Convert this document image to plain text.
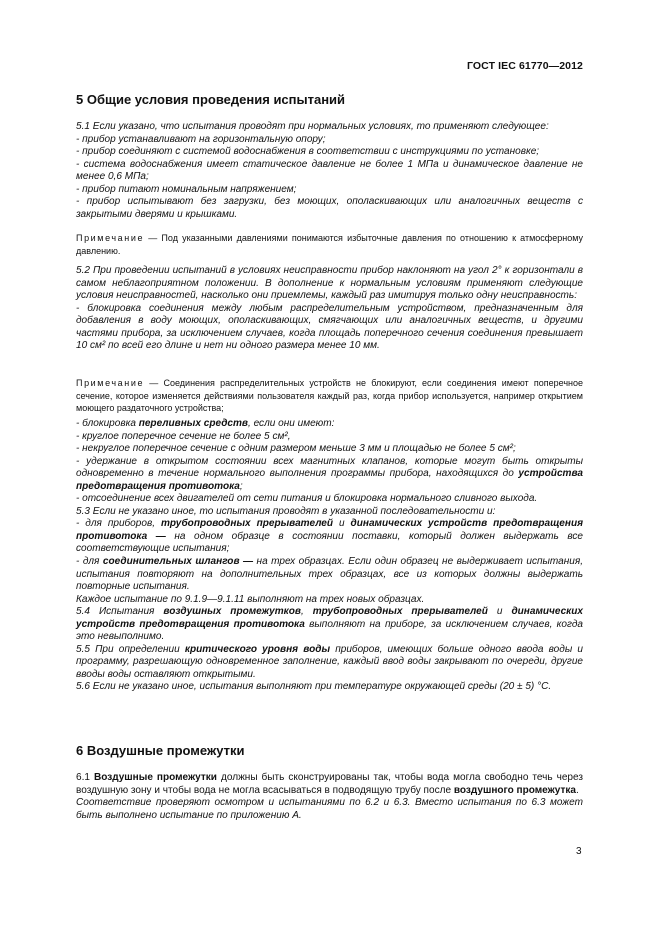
ГОСТ IEC 61770—2012
5 Общие условия проведения испытаний

5.1 Если указано, что испытания проводят при нормальных условиях, то применяют следующее:

- прибор устанавливают на горизонтальную опору;

- прибор соединяют с системой водоснабжения в соответствии с инструкциями по установке;

- система водоснабжения имеет статическое давление не более 1 МПа и динамическое давление не менее 0,6 МПа;

- прибор питают номинальным напряжением;

- прибор испытывают без загрузки, без моющих, ополаскивающих или аналогичных веществ с закрытыми дверями и крышками.

Примечание — Под указанными давлениями понимаются избыточные давления по отношению к атмосферному давлению.

5.2 При проведении испытаний в условиях неисправности прибор наклоняют на угол 2° к горизонтали в самом неблагоприятном положении. В дополнение к нормальным условиям применяют следующие условия неисправностей, насколько они приемлемы, каждый раз имитируя только одну неисправность:

- блокировка соединения между любым распределительным устройством, предназначенным для добавления в воду моющих, ополаскивающих, смягчающих или аналогичных веществ, и другими частями прибора, за исключением случаев, когда площадь поперечного сечения соединения превышает 10 см² по всей его длине и нет ни одного размера менее 10 мм.

Примечание — Соединения распределительных устройств не блокируют, если соединения имеют поперечное сечение, которое изменяется действиями пользователя каждый раз, когда прибор используется, например открытием моющего раздаточного устройства;

- блокировка переливных средств, если они имеют:

- круглое поперечное сечение не более 5 см²,

- некруглое поперечное сечение с одним размером меньше 3 мм и площадью не более 5 см²;

- удержание в открытом состоянии всех магнитных клапанов, которые могут быть открыты одновременно в течение нормального выполнения программы прибора, находящихся до устройства предотвращения противотока;

- отсоединение всех двигателей от сети питания и блокировка нормального сливного выхода.

5.3 Если не указано иное, то испытания проводят в указанной последовательности и:

- для приборов, трубопроводных прерывателей и динамических устройств предотвращения противотока — на одном образце в состоянии поставки, который должен выдержать все соответствующие испытания;

- для соединительных шлангов — на трех образцах. Если один образец не выдерживает испытания, испытания повторяют на дополнительных трех образцах, все из которых должны выдержать повторные испытания.

Каждое испытание по 9.1.9—9.1.11 выполняют на трех новых образцах.

5.4 Испытания воздушных промежутков, трубопроводных прерывателей и динамических устройств предотвращения противотока выполняют на приборе, за исключением случаев, когда это невыполнимо.

5.5 При определении критического уровня воды приборов, имеющих больше одного ввода воды и программу, разрешающую одновременное заполнение, каждый ввод воды закрывают по очереди, другие вводы воды оставляют открытыми.

5.6 Если не указано иное, испытания выполняют при температуре окружающей среды (20 ± 5) °С.

6 Воздушные промежутки

6.1 Воздушные промежутки должны быть сконструированы так, чтобы вода могла свободно течь через воздушную зону и чтобы вода не могла всасываться в подводящую трубу после воздушного промежутка.

Соответствие проверяют осмотром и испытаниями по 6.2 и 6.3. Вместо испытания по 6.3 может быть выполнено испытание по приложению А.

3
